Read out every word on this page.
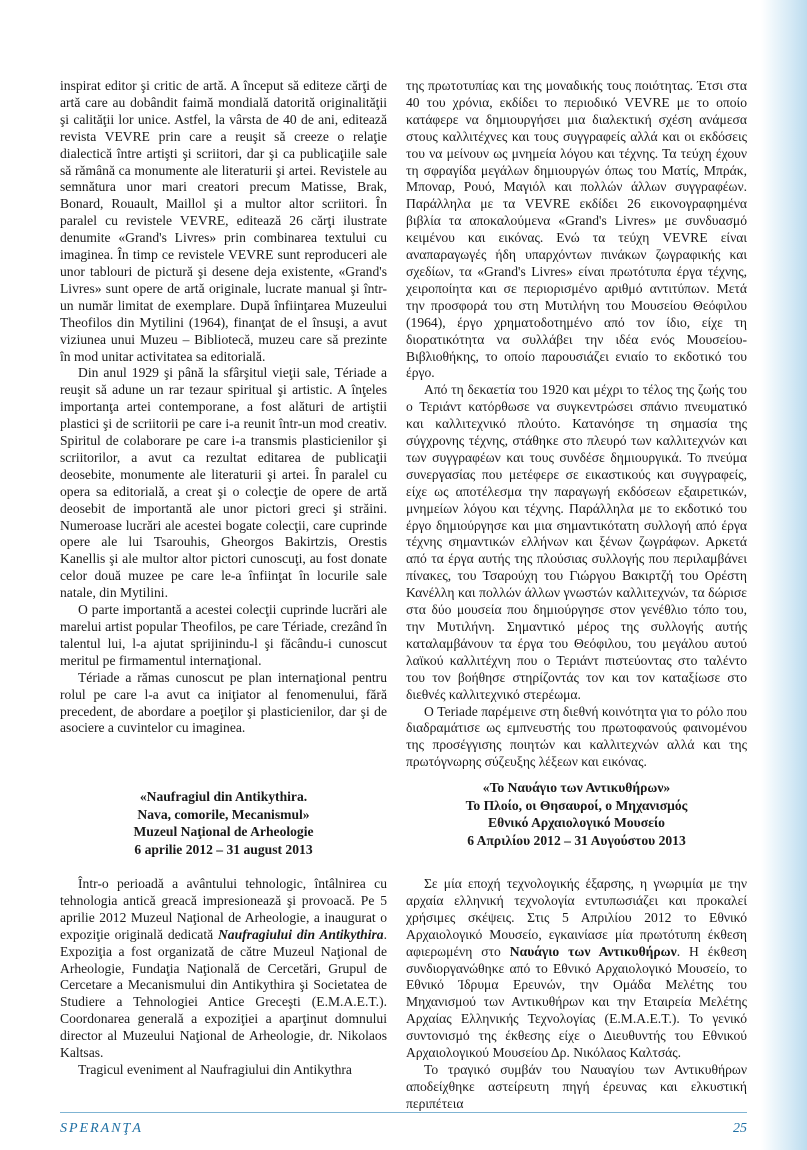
inspirat editor şi critic de artă. A început să editeze cărţi de artă care au dobândit faimă mondială datorită originalităţii şi calităţii lor unice. Astfel, la vârsta de 40 de ani, editează revista VEVRE prin care a reuşit să creeze o relaţie dialectică între artişti şi scriitori, dar şi ca publicaţiile sale să rămână ca monumente ale literaturii şi artei. Revistele au semnătura unor mari creatori precum Matisse, Brak, Bonard, Rouault, Maillol şi a multor altor scriitori. În paralel cu revistele VEVRE, editează 26 cărţi ilustrate denumite «Grand's Livres» prin combinarea textului cu imaginea. În timp ce revistele VEVRE sunt reproduceri ale unor tablouri de pictură şi desene deja existente, «Grand's Livres» sunt opere de artă originale, lucrate manual şi într-un număr limitat de exemplare. După înfiinţarea Muzeului Theofilos din Mytilini (1964), finanţat de el însuşi, a avut viziunea unui Muzeu – Bibliotecă, muzeu care să prezinte în mod unitar activitatea sa editorială.

Din anul 1929 şi până la sfârşitul vieţii sale, Tériade a reuşit să adune un rar tezaur spiritual şi artistic. A înţeles importanţa artei contemporane, a fost alături de artiştii plastici şi de scriitorii pe care i-a reunit într-un mod creativ. Spiritul de colaborare pe care i-a transmis plasticienilor şi scriitorilor, a avut ca rezultat editarea de publicaţii deosebite, monumente ale literaturii şi artei. În paralel cu opera sa editorială, a creat şi o colecţie de opere de artă deosebit de importantă ale unor pictori greci şi străini. Numeroase lucrări ale acestei bogate colecţii, care cuprinde opere ale lui Tsarouhis, Gheorgos Bakirtzis, Orestis Kanellis şi ale multor altor pictori cunoscuţi, au fost donate celor două muzee pe care le-a înfiinţat în locurile sale natale, din Mytilini.

O parte importantă a acestei colecţii cuprinde lucrări ale marelui artist popular Theofilos, pe care Tériade, crezând în talentul lui, l-a ajutat sprijinindu-l şi făcându-i cunoscut meritul pe firmamentul internaţional.

Tériade a rămas cunoscut pe plan internaţional pentru rolul pe care l-a avut ca iniţiator al fenomenului, fără precedent, de abordare a poeţilor şi plasticienilor, dar şi de asociere a cuvintelor cu imaginea.

της πρωτοτυπίας και της μοναδικής τους ποιότητας. Έτσι στα 40 του χρόνια, εκδίδει το περιοδικό VEVRE με το οποίο κατάφερε να δημιουργήσει μια διαλεκτική σχέση ανάμεσα στους καλλιτέχνες και τους συγγραφείς αλλά και οι εκδόσεις του να μείνουν ως μνημεία λόγου και τέχνης. Τα τεύχη έχουν τη σφραγίδα μεγάλων δημιουργών όπως του Ματίς, Μπράκ, Μποναρ, Ρουό, Μαγιόλ και πολλών άλλων συγγραφέων. Παράλληλα με τα VEVRE εκδίδει 26 εικονογραφημένα βιβλία τα αποκαλούμενα «Grand's Livres» με συνδυασμό κειμένου και εικόνας. Ενώ τα τεύχη VEVRE είναι αναπαραγωγές ήδη υπαρχόντων πινάκων ζωγραφικής και σχεδίων, τα «Grand's Livres» είναι πρωτότυπα έργα τέχνης, χειροποίητα και σε περιορισμένο αριθμό αντιτύπων. Μετά την προσφορά του στη Μυτιλήνη του Μουσείου Θεόφιλου (1964), έργο χρηματοδοτημένο από τον ίδιο, είχε τη διορατικότητα να συλλάβει την ιδέα ενός Μουσείου-Βιβλιοθήκης, το οποίο παρουσιάζει ενιαίο το εκδοτικό του έργο.

Από τη δεκαετία του 1920 και μέχρι το τέλος της ζωής του ο Τεριάντ κατόρθωσε να συγκεντρώσει σπάνιο πνευματικό και καλλιτεχνικό πλούτο. Κατανόησε τη σημασία της σύγχρονης τέχνης, στάθηκε στο πλευρό των καλλιτεχνών και των συγγραφέων και τους συνδέσε δημιουργικά. Το πνεύμα συνεργασίας που μετέφερε σε εικαστικούς και συγγραφείς, είχε ως αποτέλεσμα την παραγωγή εκδόσεων εξαιρετικών, μνημείων λόγου και τέχνης. Παράλληλα με το εκδοτικό του έργο δημιούργησε και μια σημαντικότατη συλλογή από έργα τέχνης σημαντικών ελλήνων και ξένων ζωγράφων. Αρκετά από τα έργα αυτής της πλούσιας συλλογής που περιλαμβάνει πίνακες, του Τσαρούχη του Γιώργου Βακιρτζή του Ορέστη Κανέλλη και πολλών άλλων γνωστών καλλιτεχνών, τα δώρισε στα δύο μουσεία που δημιούργησε στον γενέθλιο τόπο του, την Μυτιλήνη. Σημαντικό μέρος της συλλογής αυτής καταλαμβάνουν τα έργα του Θεόφιλου, του μεγάλου αυτού λαϊκού καλλιτέχνη που ο Τεριάντ πιστεύοντας στο ταλέντο του τον βοήθησε στηρίζοντάς τον και τον καταξίωσε στο διεθνές καλλιτεχνικό στερέωμα.

Ο Teriade παρέμεινε στη διεθνή κοινότητα για το ρόλο που διαδραμάτισε ως εμπνευστής του πρωτοφανούς φαινομένου της προσέγγισης ποιητών και καλλιτεχνών αλλά και της πρωτόγνωρης σύζευξης λέξεων και εικόνας.

«Naufragiul din Antikythira.
Nava, comorile, Mecanismul»
Muzeul Naţional de Arheologie
6 aprilie 2012 – 31 august 2013
«Το Ναυάγιο των Αντικυθήρων»
Το Πλοίο, οι Θησαυροί, ο Μηχανισμός
Εθνικό Αρχαιολογικό Μουσείο
6 Απριλίου 2012 – 31 Αυγούστου 2013

Într-o perioadă a avântului tehnologic, întâlnirea cu tehnologia antică greacă impresionează şi provoacă. Pe 5 aprilie 2012 Muzeul Naţional de Arheologie, a inaugurat o expoziţie originală dedicată Naufragiului din Antikythira. Expoziţia a fost organizată de către Muzeul Naţional de Arheologie, Fundaţia Naţională de Cercetări, Grupul de Cercetare a Mecanismului din Antikythira şi Societatea de Studiere a Tehnologiei Antice Greceşti (E.M.A.E.T.). Coordonarea generală a expoziţiei a aparţinut domnului director al Muzeului Naţional de Arheologie, dr. Nikolaos Kaltsas.

Tragicul eveniment al Naufragiului din Antikythra

Σε μία εποχή τεχνολογικής έξαρσης, η γνωριμία με την αρχαία ελληνική τεχνολογία εντυπωσιάζει και προκαλεί χρήσιμες σκέψεις. Στις 5 Απριλίου 2012 το Εθνικό Αρχαιολογικό Μουσείο, εγκαινίασε μία πρωτότυπη έκθεση αφιερωμένη στο Ναυάγιο των Αντικυθήρων. Η έκθεση συνδιοργανώθηκε από το Εθνικό Αρχαιολογικό Μουσείο, το Εθνικό Ίδρυμα Ερευνών, την Ομάδα Μελέτης του Μηχανισμού των Αντικυθήρων και την Εταιρεία Μελέτης Αρχαίας Ελληνικής Τεχνολογίας (Ε.Μ.Α.Ε.Τ.). Το γενικό συντονισμό της έκθεσης είχε ο Διευθυντής του Εθνικού Αρχαιολογικού Μουσείου Δρ. Νικόλαος Καλτσάς.

Το τραγικό συμβάν του Ναυαγίου των Αντικυθήρων αποδείχθηκε αστείρευτη πηγή έρευνας και ελκυστική περιπέτεια

SPERANŢA	25
